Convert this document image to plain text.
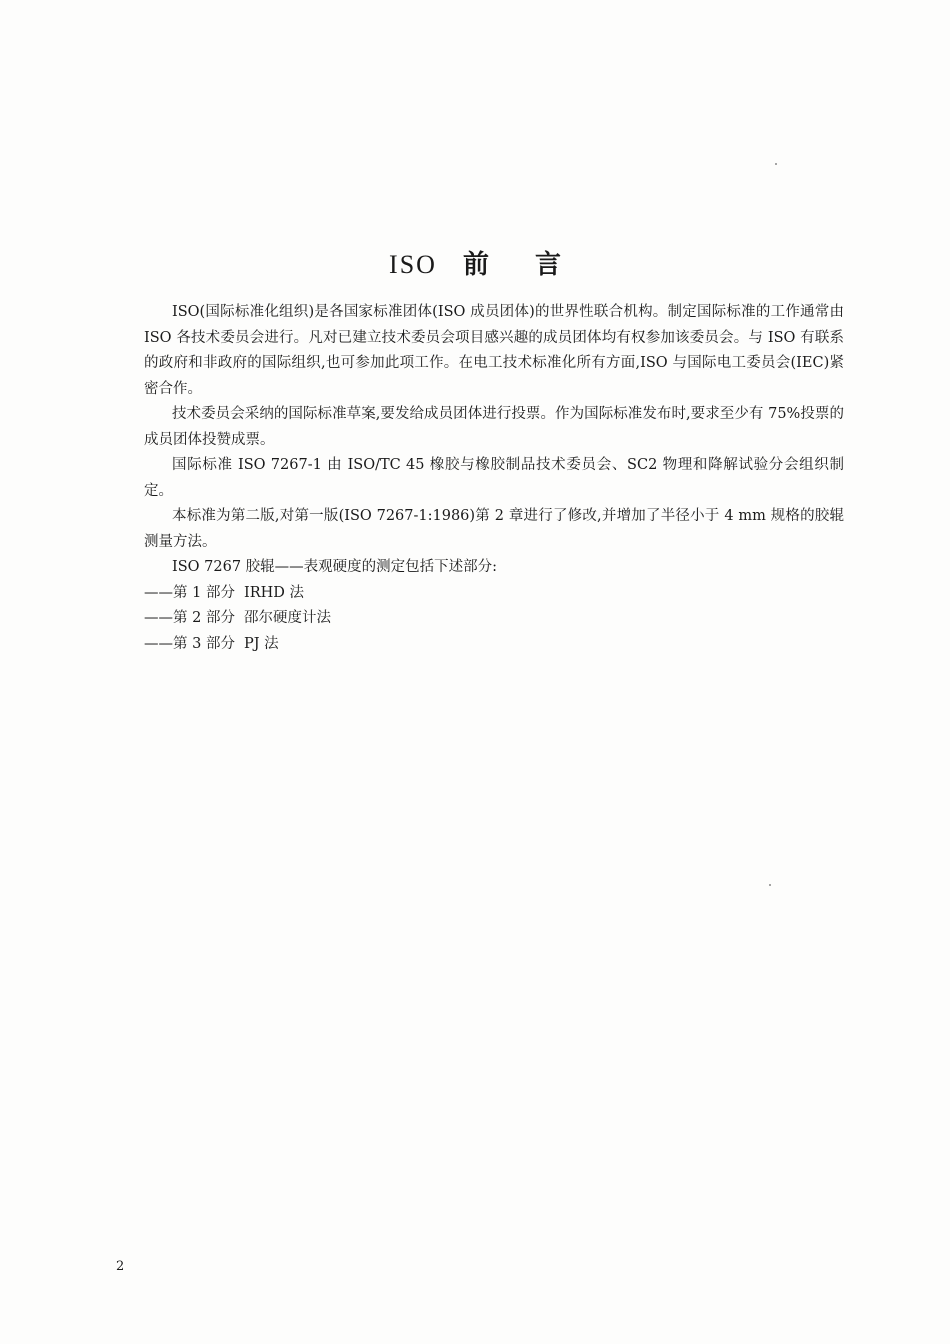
ISO 前言

ISO(国际标准化组织)是各国家标准团体(ISO 成员团体)的世界性联合机构。制定国际标准的工作通常由 ISO 各技术委员会进行。凡对已建立技术委员会项目感兴趣的成员团体均有权参加该委员会。与 ISO 有联系的政府和非政府的国际组织,也可参加此项工作。在电工技术标准化所有方面,ISO 与国际电工委员会(IEC)紧密合作。

技术委员会采纳的国际标准草案,要发给成员团体进行投票。作为国际标准发布时,要求至少有 75%投票的成员团体投赞成票。

国际标准 ISO 7267-1 由 ISO/TC 45 橡胶与橡胶制品技术委员会、SC2 物理和降解试验分会组织制定。

本标准为第二版,对第一版(ISO 7267-1:1986)第 2 章进行了修改,并增加了半径小于 4 mm 规格的胶辊测量方法。

ISO 7267 胶辊——表观硬度的测定包括下述部分:

——第 1 部分 IRHD 法
——第 2 部分 邵尔硬度计法
——第 3 部分 PJ 法
2
